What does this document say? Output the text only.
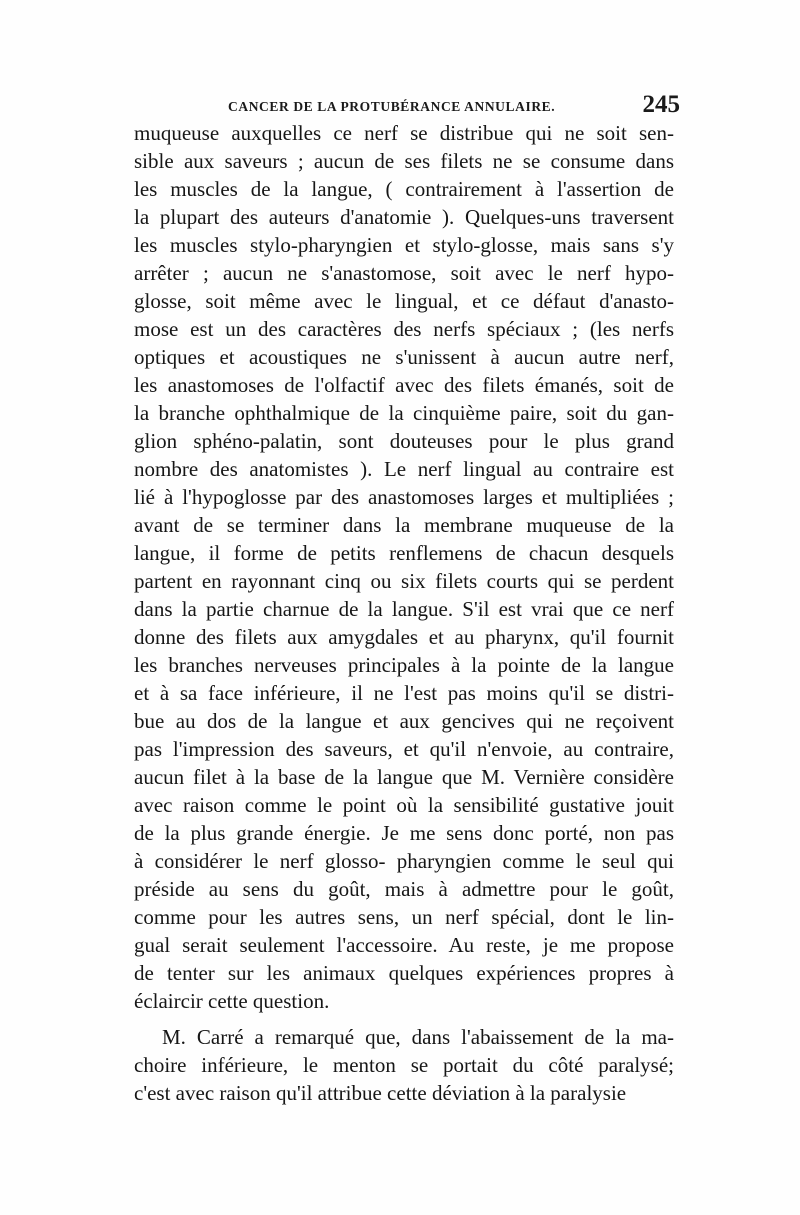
CANCER DE LA PROTUBÉRANCE ANNULAIRE.	245
muqueuse auxquelles ce nerf se distribue qui ne soit sen-
sible aux saveurs ; aucun de ses filets ne se consume dans
les muscles de la langue, ( contrairement à l'assertion de
la plupart des auteurs d'anatomie ). Quelques-uns traversent
les muscles stylo-pharyngien et stylo-glosse, mais sans s'y
arrêter ; aucun ne s'anastomose, soit avec le nerf hypo-
glosse, soit même avec le lingual, et ce défaut d'anasto-
mose est un des caractères des nerfs spéciaux ; (les nerfs
optiques et acoustiques ne s'unissent à aucun autre nerf,
les anastomoses de l'olfactif avec des filets émanés, soit de
la branche ophthalmique de la cinquième paire, soit du gan-
glion sphéno-palatin, sont douteuses pour le plus grand
nombre des anatomistes ). Le nerf lingual au contraire est
lié à l'hypoglosse par des anastomoses larges et multipliées ;
avant de se terminer dans la membrane muqueuse de la
langue, il forme de petits renflemens de chacun desquels
partent en rayonnant cinq ou six filets courts qui se perdent
dans la partie charnue de la langue. S'il est vrai que ce nerf
donne des filets aux amygdales et au pharynx, qu'il fournit
les branches nerveuses principales à la pointe de la langue
et à sa face inférieure, il ne l'est pas moins qu'il se distri-
bue au dos de la langue et aux gencives qui ne reçoivent
pas l'impression des saveurs, et qu'il n'envoie, au contraire,
aucun filet à la base de la langue que M. Vernière considère
avec raison comme le point où la sensibilité gustative jouit
de la plus grande énergie. Je me sens donc porté, non pas
à considérer le nerf glosso- pharyngien comme le seul qui
préside au sens du goût, mais à admettre pour le goût,
comme pour les autres sens, un nerf spécial, dont le lin-
gual serait seulement l'accessoire. Au reste, je me propose
de tenter sur les animaux quelques expériences propres à
éclaircir cette question.
M. Carré a remarqué que, dans l'abaissement de la ma-
choire inférieure, le menton se portait du côté paralysé;
c'est avec raison qu'il attribue cette déviation à la paralysie
